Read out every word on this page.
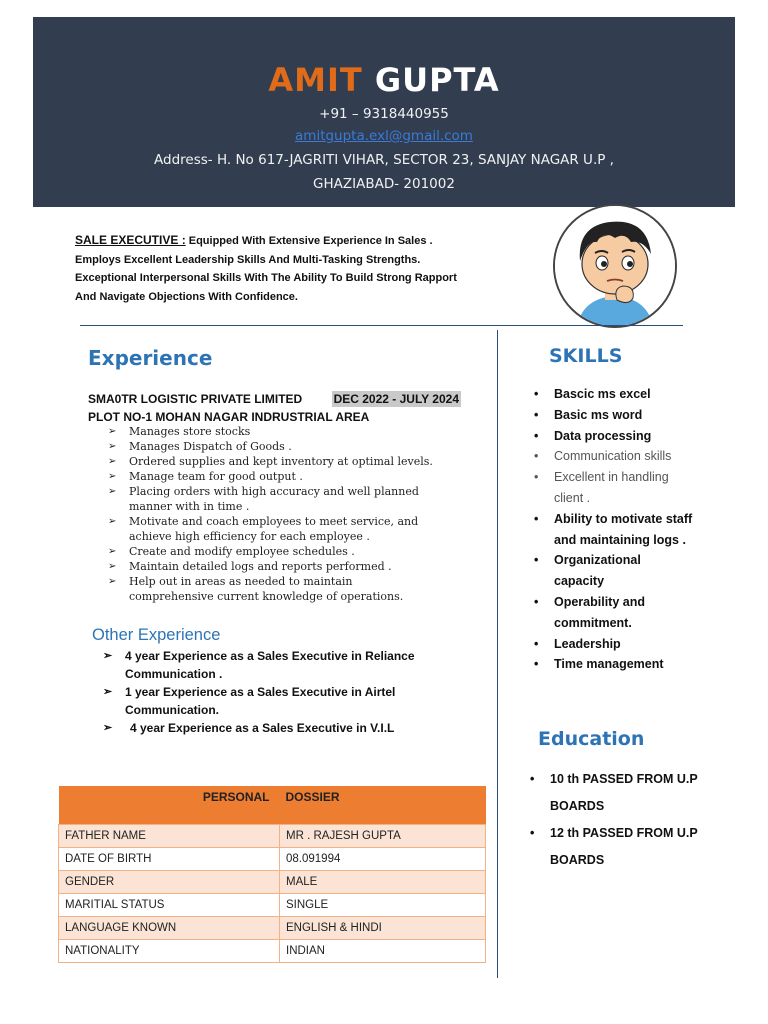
AMIT GUPTA
+91 – 9318440955
amitgupta.exl@gmail.com
Address- H. No 617-JAGRITI VIHAR, SECTOR 23, SANJAY NAGAR U.P ,
GHAZIABAD- 201002
SALE EXECUTIVE : Equipped With Extensive Experience In Sales . Employs Excellent Leadership Skills And Multi-Tasking Strengths. Exceptional Interpersonal Skills With The Ability To Build Strong Rapport And Navigate Objections With Confidence.
Experience
SMA0TR LOGISTIC PRIVATE LIMITED	DEC 2022 - JULY 2024
PLOT NO-1 MOHAN NAGAR INDRUSTRIAL AREA
➢ Manages store stocks
➢ Manages Dispatch of Goods .
➢ Ordered supplies and kept inventory at optimal levels.
➢ Manage team for good output .
➢ Placing orders with high accuracy and well planned manner with in time .
➢ Motivate and coach employees to meet service, and achieve high efficiency for each employee .
➢ Create and modify employee schedules .
➢ Maintain detailed logs and reports performed .
➢ Help out in areas as needed to maintain comprehensive current knowledge of operations.
Other Experience
➢ 4 year Experience as a Sales Executive in Reliance Communication .
➢ 1 year Experience as a Sales Executive in Airtel Communication.
➢ 4 year Experience as a Sales Executive in V.I.L
SKILLS
• Bascic ms excel
• Basic ms word
• Data processing
• Communication skills
• Excellent in handling client .
• Ability to motivate staff and maintaining logs .
• Organizational capacity
• Operability and commitment.
• Leadership
• Time management
Education
• 10 th PASSED FROM U.P BOARDS
• 12 th PASSED FROM U.P BOARDS
PERSONAL	DOSSIER
FATHER NAME	MR . RAJESH GUPTA
DATE OF BIRTH	08.091994
GENDER	MALE
MARITIAL STATUS	SINGLE
LANGUAGE KNOWN	ENGLISH & HINDI
NATIONALITY	INDIAN
